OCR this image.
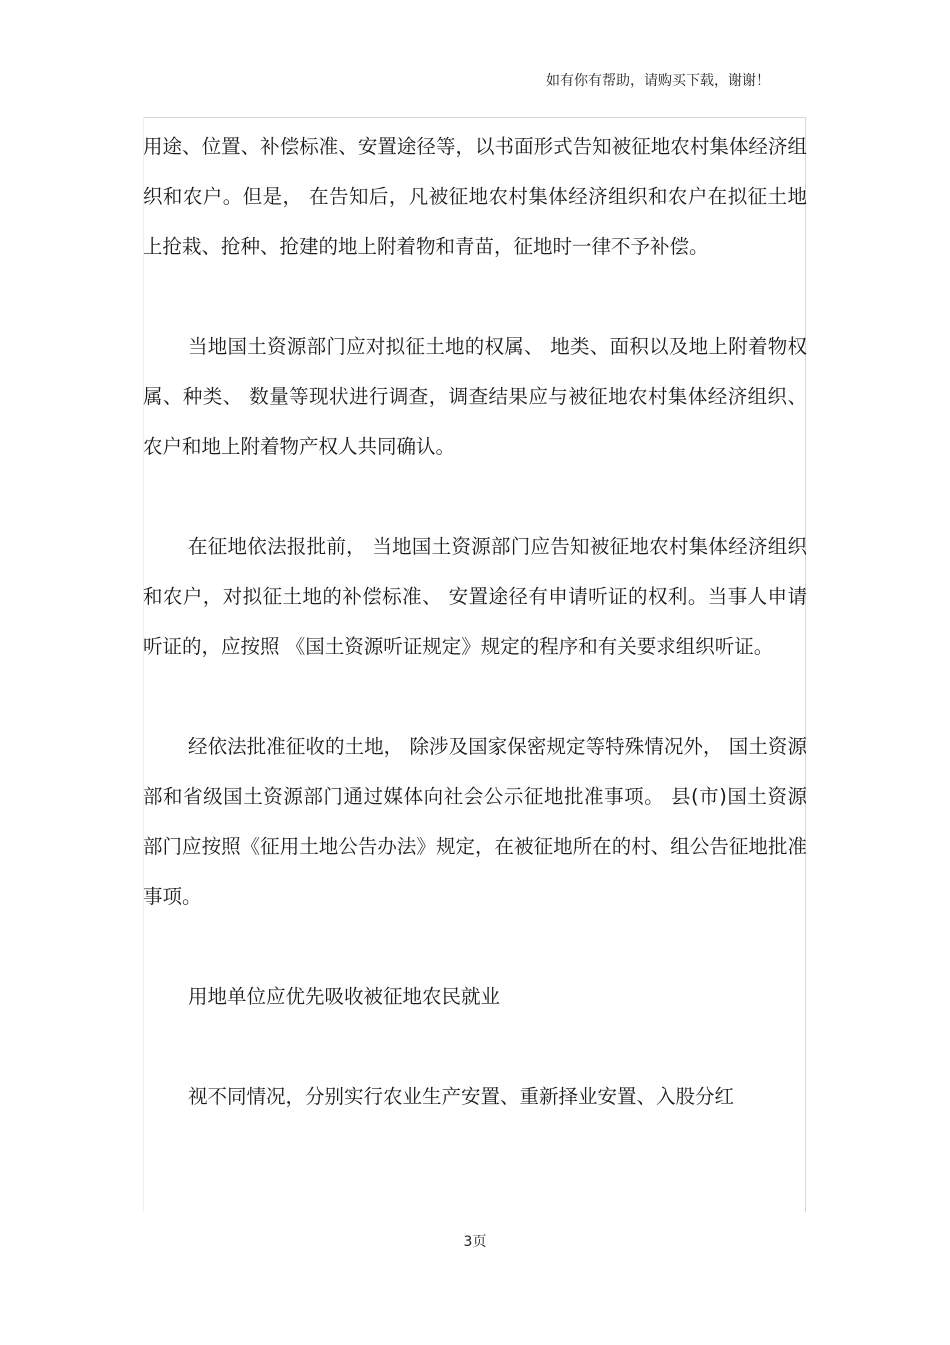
如有你有帮助，请购买下载，谢谢！

用途、位置、补偿标准、安置途径等，以书面形式告知被征地农村集体经济组织和农户。但是， 在告知后，凡被征地农村集体经济组织和农户在拟征土地上抢栽、抢种、抢建的地上附着物和青苗，征地时一律不予补偿。

当地国土资源部门应对拟征土地的权属、 地类、面积以及地上附着物权属、种类、 数量等现状进行调查，调查结果应与被征地农村集体经济组织、农户和地上附着物产权人共同确认。

在征地依法报批前， 当地国土资源部门应告知被征地农村集体经济组织和农户，对拟征土地的补偿标准、 安置途径有申请听证的权利。当事人申请听证的，应按照 《国土资源听证规定》规定的程序和有关要求组织听证。

经依法批准征收的土地， 除涉及国家保密规定等特殊情况外， 国土资源部和省级国土资源部门通过媒体向社会公示征地批准事项。 县(市)国土资源部门应按照《征用土地公告办法》规定，在被征地所在的村、组公告征地批准事项。

用地单位应优先吸收被征地农民就业

视不同情况，分别实行农业生产安置、重新择业安置、入股分红

3页
